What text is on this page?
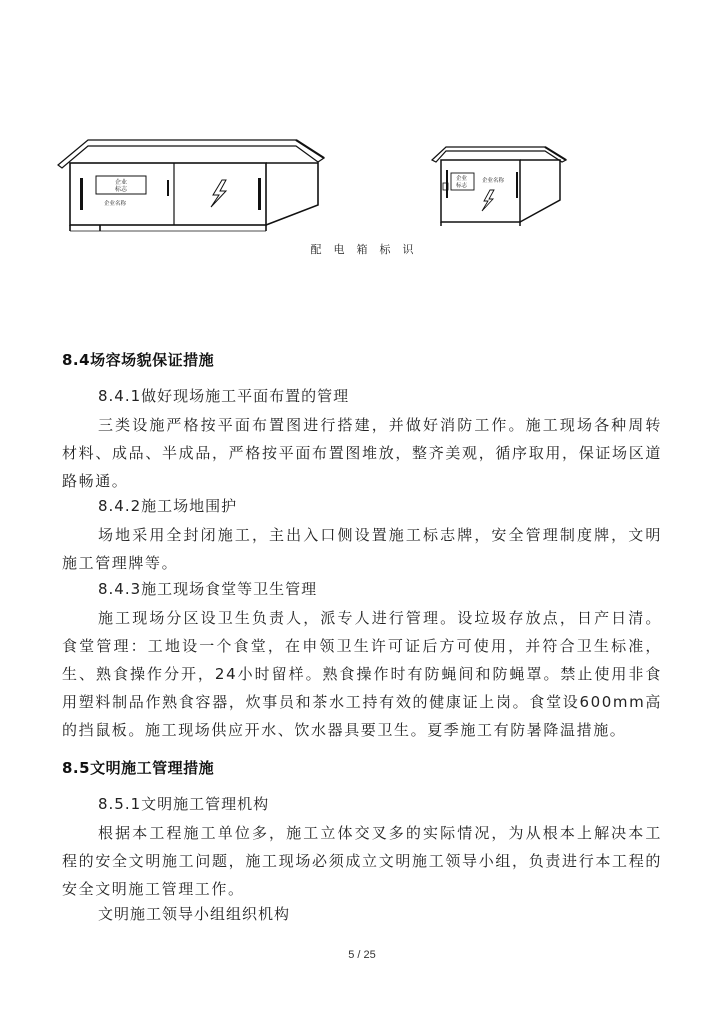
企业
标志
企业名称
企业
标志
企业名称
配电箱标识
8.4场容场貌保证措施
8.4.1做好现场施工平面布置的管理

三类设施严格按平面布置图进行搭建，并做好消防工作。施工现场各种周转材料、成品、半成品，严格按平面布置图堆放，整齐美观，循序取用，保证场区道路畅通。

8.4.2施工场地围护

场地采用全封闭施工，主出入口侧设置施工标志牌，安全管理制度牌，文明施工管理牌等。

8.4.3施工现场食堂等卫生管理

施工现场分区设卫生负责人，派专人进行管理。设垃圾存放点，日产日清。食堂管理：工地设一个食堂，在申领卫生许可证后方可使用，并符合卫生标准，生、熟食操作分开，24小时留样。熟食操作时有防蝇间和防蝇罩。禁止使用非食用塑料制品作熟食容器，炊事员和茶水工持有效的健康证上岗。食堂设600mm高的挡鼠板。施工现场供应开水、饮水器具要卫生。夏季施工有防暑降温措施。

8.5文明施工管理措施
8.5.1文明施工管理机构

根据本工程施工单位多，施工立体交叉多的实际情况，为从根本上解决本工程的安全文明施工问题，施工现场必须成立文明施工领导小组，负责进行本工程的安全文明施工管理工作。

文明施工领导小组组织机构
5 / 25
